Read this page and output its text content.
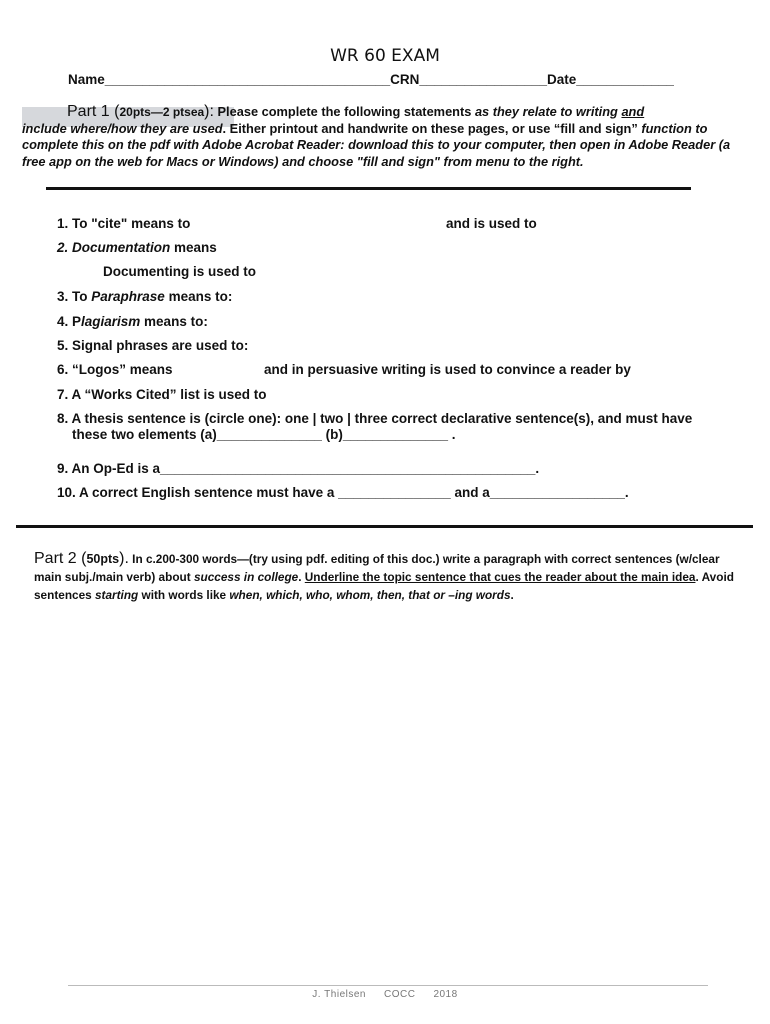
WR 60 EXAM
Name______________________________________CRN_________________Date_____________
Part 1 (20pts—2 ptsea): Please complete the following statements as they relate to writing and
include where/how they are used. Either printout and handwrite on these pages, or use “fill and sign” function to complete this on the pdf with Adobe Acrobat Reader: download this to your computer, then open in Adobe Reader (a free app on the web for Macs or Windows) and choose "fill and sign" from menu to the right.
1. To "cite" means to	and is used to
2. Documentation means
Documenting is used to
3. To Paraphrase means to:
4. Plagiarism means to:
5. Signal phrases are used to:
6. “Logos” means	and in persuasive writing is used to convince a reader by
7. A “Works Cited” list is used to
8. A thesis sentence is (circle one): one | two | three correct declarative sentence(s), and must have
these two elements (a)______________ (b)______________ .
9. An Op-Ed is a__________________________________________________.
10. A correct English sentence must have a _______________ and a__________________.
Part 2 (50pts). In c.200-300 words—(try using pdf. editing of this doc.) write a paragraph with correct sentences (w/clear main subj./main verb) about success in college. Underline the topic sentence that cues the reader about the main idea. Avoid sentences starting with words like when, which, who, whom, then, that or –ing words.
J. Thielsen COCC 2018
